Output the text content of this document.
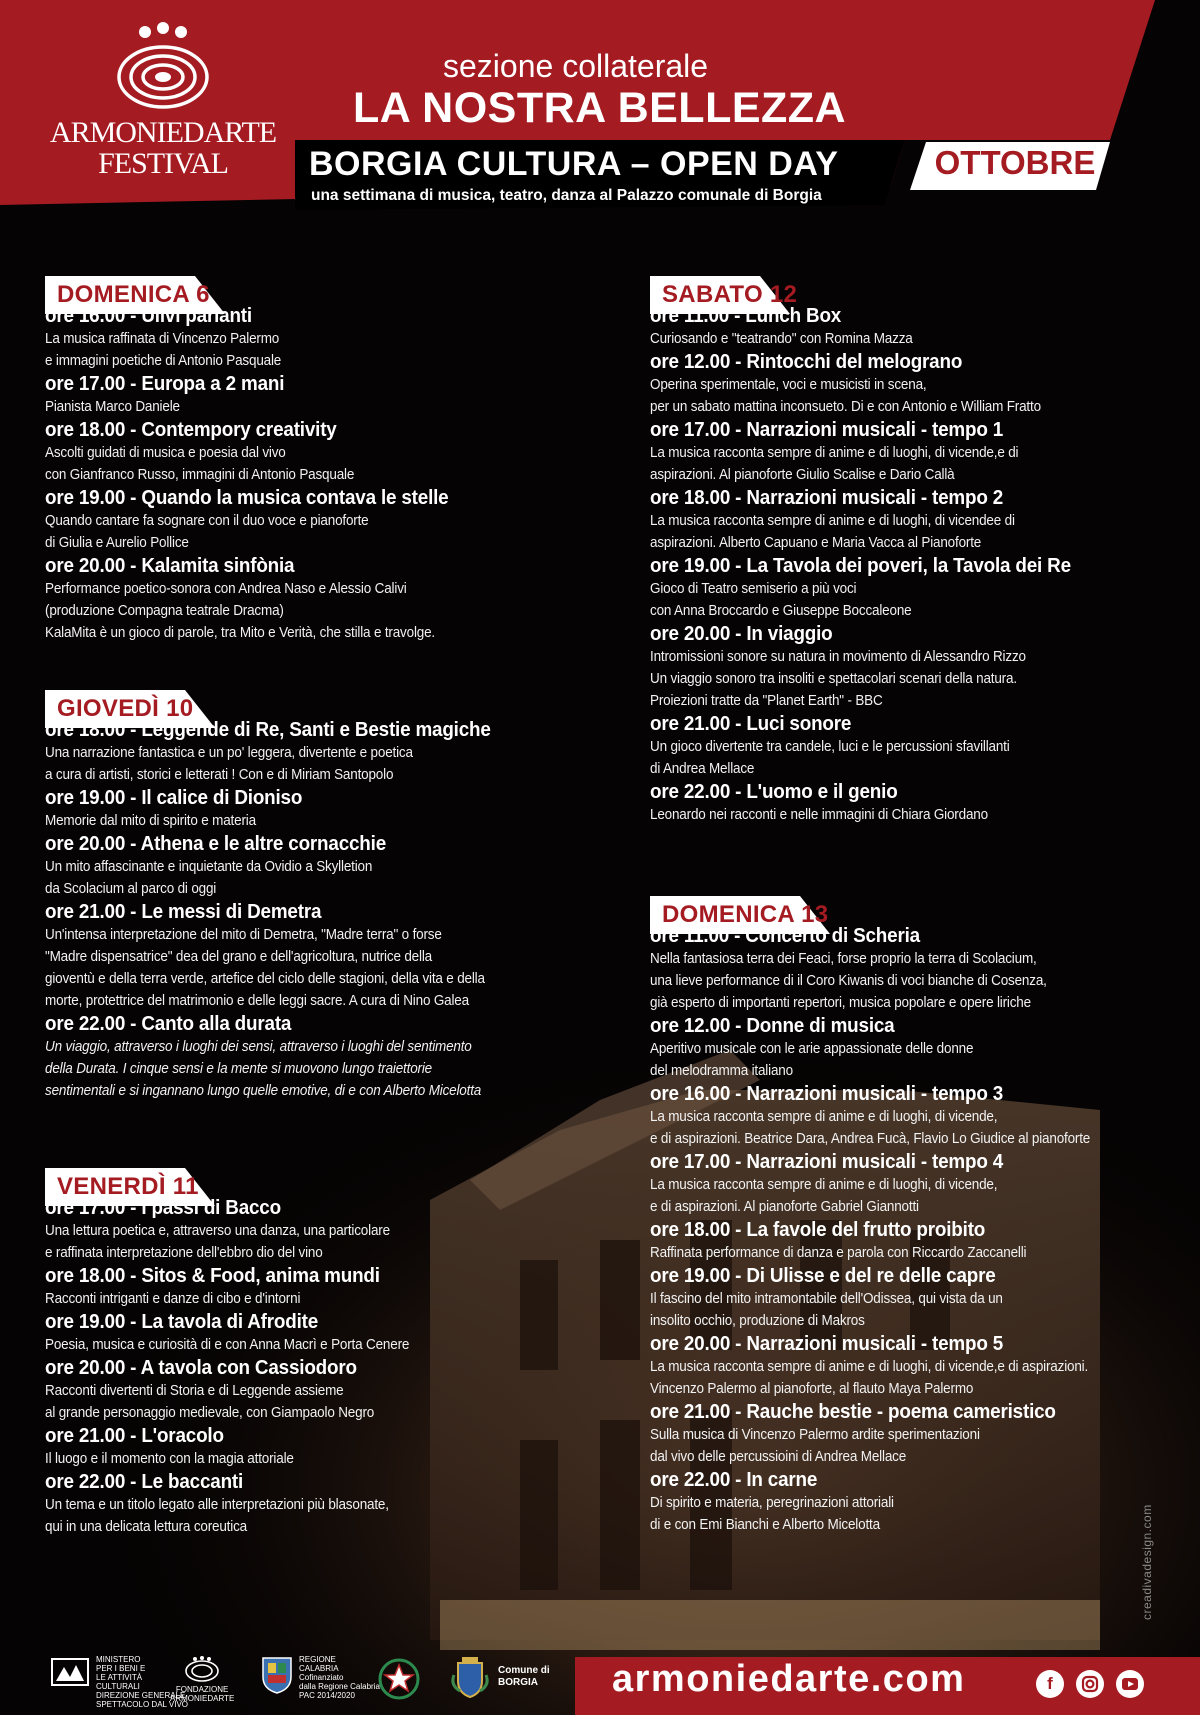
ARMONIEDARTE
FESTIVAL
sezione collaterale
LA NOSTRA BELLEZZA
BORGIA CULTURA – OPEN DAY	OTTOBRE
una settimana di musica, teatro, danza al Palazzo comunale di Borgia
DOMENICA 6
ore 16.00 - Ulivi parlanti
La musica raffinata di Vincenzo Palermo
e immagini poetiche di Antonio Pasquale
ore 17.00 - Europa a 2 mani
Pianista Marco Daniele
ore 18.00 - Contempory creativity
Ascolti guidati di musica e poesia dal vivo
con Gianfranco Russo, immagini di Antonio Pasquale
ore 19.00 - Quando la musica contava le stelle
Quando cantare fa sognare con il duo voce e pianoforte
di Giulia e Aurelio Pollice
ore 20.00 - Kalamita sinfònia
Performance poetico-sonora con Andrea Naso e Alessio Calivi
(produzione Compagna teatrale Dracma)
KalaMita è un gioco di parole, tra Mito e Verità, che stilla e travolge.
GIOVEDÌ 10
ore 18.00 - Leggende di Re, Santi e Bestie magiche
Una narrazione fantastica e un po' leggera, divertente e poetica
a cura di artisti, storici e letterati ! Con e di Miriam Santopolo
ore 19.00 - Il calice di Dioniso
Memorie dal mito di spirito e materia
ore 20.00 - Athena e le altre cornacchie
Un mito affascinante e inquietante da Ovidio a Skylletion
da Scolacium al parco di oggi
ore 21.00 - Le messi di Demetra
Un'intensa interpretazione del mito di Demetra, "Madre terra" o forse
"Madre dispensatrice" dea del grano e dell'agricoltura, nutrice della
gioventù e della terra verde, artefice del ciclo delle stagioni, della vita e della
morte, protettrice del matrimonio e delle leggi sacre. A cura di Nino Galea
ore 22.00 - Canto alla durata
Un viaggio, attraverso i luoghi dei sensi, attraverso i luoghi del sentimento
della Durata. I cinque sensi e la mente si muovono lungo traiettorie
sentimentali e si ingannano lungo quelle emotive, di e con Alberto Micelotta
VENERDÌ 11
ore 17.00 - I passi di Bacco
Una lettura poetica e, attraverso una danza, una particolare
e raffinata interpretazione dell'ebbro dio del vino
ore 18.00 - Sitos & Food, anima mundi
Racconti intriganti e danze di cibo e d'intorni
ore 19.00 - La tavola di Afrodite
Poesia, musica e curiosità di e con Anna Macrì e Porta Cenere
ore 20.00 - A tavola con Cassiodoro
Racconti divertenti di Storia e di Leggende assieme
al grande personaggio medievale, con Giampaolo Negro
ore 21.00 - L'oracolo
Il luogo e il momento con la magia attoriale
ore 22.00 - Le baccanti
Un tema e un titolo legato alle interpretazioni più blasonate,
qui in una delicata lettura coreutica
SABATO 12
ore 11.00 - Lunch Box
Curiosando e "teatrando" con Romina Mazza
ore 12.00 - Rintocchi del melograno
Operina sperimentale, voci e musicisti in scena,
per un sabato mattina inconsueto. Di e con Antonio e William Fratto
ore 17.00 - Narrazioni musicali - tempo 1
La musica racconta sempre di anime e di luoghi, di vicende,e di
aspirazioni. Al pianoforte Giulio Scalise e Dario Callà
ore 18.00 - Narrazioni musicali - tempo 2
La musica racconta sempre di anime e di luoghi, di vicendee di
aspirazioni. Alberto Capuano e Maria Vacca al Pianoforte
ore 19.00 - La Tavola dei poveri, la Tavola dei Re
Gioco di Teatro semiserio a più voci
con Anna Broccardo e Giuseppe Boccaleone
ore 20.00 - In viaggio
Intromissioni sonore su natura in movimento di Alessandro Rizzo
Un viaggio sonoro tra insoliti e spettacolari scenari della natura.
Proiezioni tratte da "Planet Earth" - BBC
ore 21.00 - Luci sonore
Un gioco divertente tra candele, luci e le percussioni sfavillanti
di Andrea Mellace
ore 22.00 - L'uomo e il genio
Leonardo nei racconti e nelle immagini di Chiara Giordano
DOMENICA 13
ore 11.00 - Concerto di Scheria
Nella fantasiosa terra dei Feaci, forse proprio la terra di Scolacium,
una lieve performance di il Coro Kiwanis di voci bianche di Cosenza,
già esperto di importanti repertori, musica popolare e opere liriche
ore 12.00 - Donne di musica
Aperitivo musicale con le arie appassionate delle donne
del melodramma italiano
ore 16.00 - Narrazioni musicali - tempo 3
La musica racconta sempre di anime e di luoghi, di vicende,
e di aspirazioni. Beatrice Dara, Andrea Fucà, Flavio Lo Giudice al pianoforte
ore 17.00 - Narrazioni musicali - tempo 4
La musica racconta sempre di anime e di luoghi, di vicende,
e di aspirazioni. Al pianoforte Gabriel Giannotti
ore 18.00 - La favole del frutto proibito
Raffinata performance di danza e parola con Riccardo Zaccanelli
ore 19.00 - Di Ulisse e del re delle capre
Il fascino del mito intramontabile dell'Odissea, qui vista da un
insolito occhio, produzione di Makros
ore 20.00 - Narrazioni musicali - tempo 5
La musica racconta sempre di anime e di luoghi, di vicende,e di aspirazioni.
Vincenzo Palermo al pianoforte, al flauto Maya Palermo
ore 21.00 - Rauche bestie - poema cameristico
Sulla musica di Vincenzo Palermo ardite sperimentazioni
dal vivo delle percussioini di Andrea Mellace
ore 22.00 - In carne
Di spirito e materia, peregrinazioni attoriali
di e con Emi Bianchi e Alberto Micelotta
MINISTERO
PER I BENI E
LE ATTIVITÀ
CULTURALI
DIREZIONE GENERALE
SPETTACOLO DAL VIVO
FONDAZIONE
ARMONIEDARTE
REGIONE
CALABRIA
Cofinanziato
dalla Regione Calabria
PAC 2014/2020
Comune di
BORGIA	armoniedarte.com	f
creadivadesign.com
